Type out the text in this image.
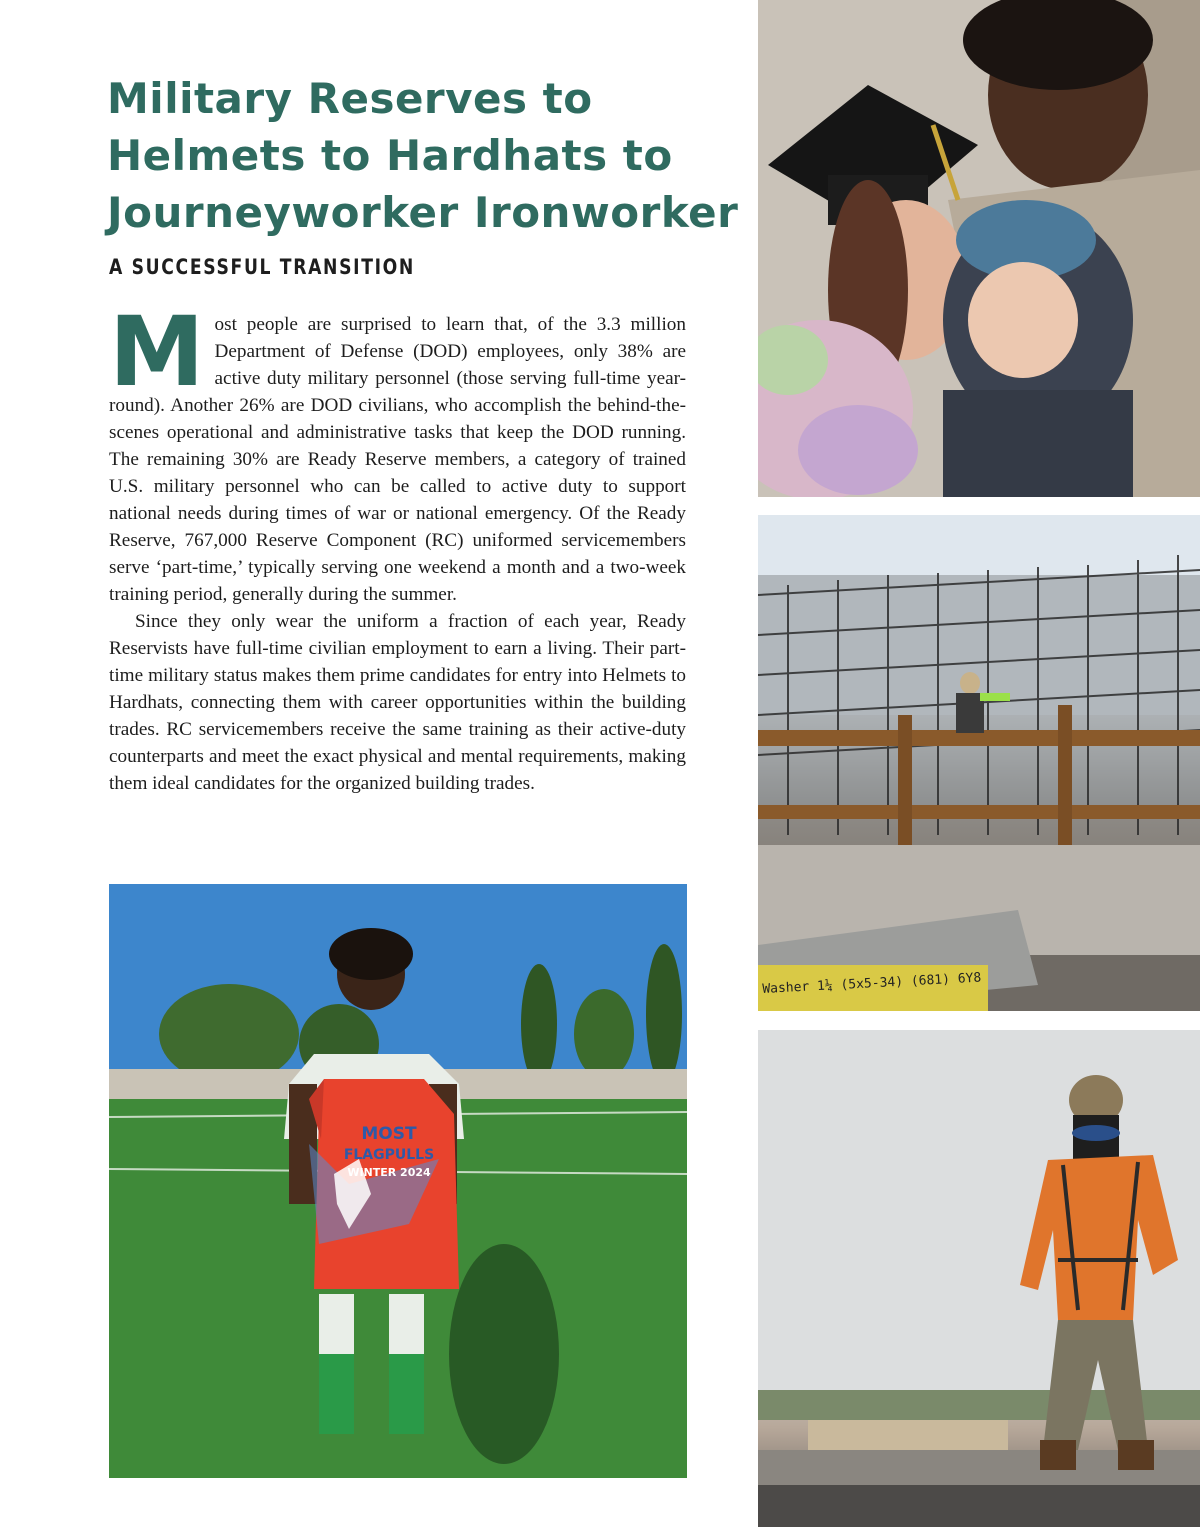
Military Reserves to
Helmets to Hardhats to
Journeyworker Ironworker
A SUCCESSFUL TRANSITION

Most people are surprised to learn that, of the 3.3 million Department of Defense (DOD) employees, only 38% are active duty military personnel (those serving full-time year-round). Another 26% are DOD civilians, who accomplish the behind-the-scenes operational and administrative tasks that keep the DOD running. The remaining 30% are Ready Reserve members, a category of trained U.S. military personnel who can be called to active duty to support national needs during times of war or national emergency. Of the Ready Reserve, 767,000 Reserve Component (RC) uniformed servicemembers serve ‘part-time,’ typically serving one weekend a month and a two-week training period, generally during the summer.

Since they only wear the uniform a fraction of each year, Ready Reservists have full-time civilian employment to earn a living. Their part-time military status makes them prime candidates for entry into Helmets to Hardhats, connecting them with career opportunities within the building trades. RC servicemembers receive the same training as their active-duty counterparts and meet the exact physical and mental requirements, making them ideal candidates for the organized building trades.

Washer 1¼ (5x5-34) (681) 6Y8
MOST
FLAGPULLS
WINTER 2024
